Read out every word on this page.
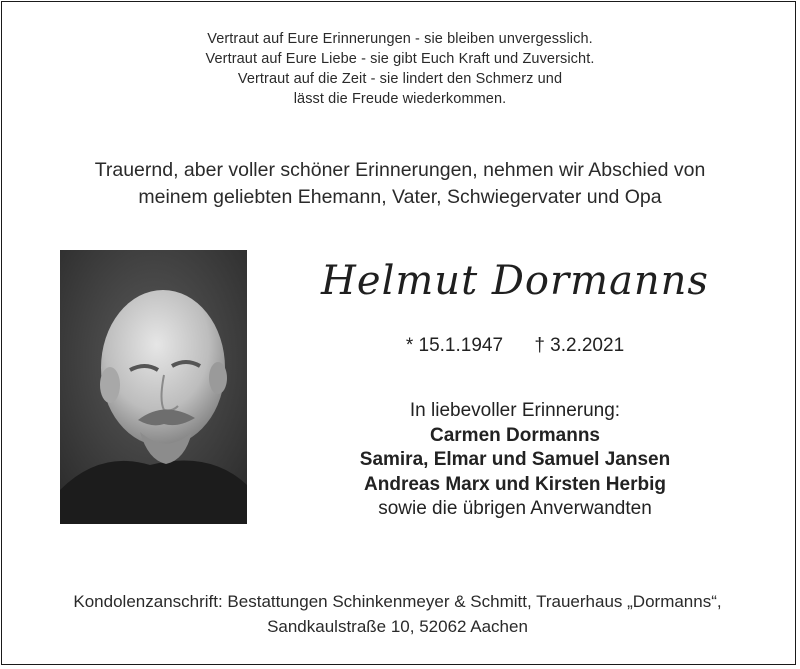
Vertraut auf Eure Erinnerungen - sie bleiben unvergesslich.
Vertraut auf Eure Liebe - sie gibt Euch Kraft und Zuversicht.
Vertraut auf die Zeit - sie lindert den Schmerz und
lässt die Freude wiederkommen.
Trauernd, aber voller schöner Erinnerungen, nehmen wir Abschied von
meinem geliebten Ehemann, Vater, Schwiegervater und Opa
Helmut Dormanns
* 15.1.1947 † 3.2.2021
In liebevoller Erinnerung:
Carmen Dormanns
Samira, Elmar und Samuel Jansen
Andreas Marx und Kirsten Herbig
sowie die übrigen Anverwandten
Kondolenzanschrift: Bestattungen Schinkenmeyer & Schmitt, Trauerhaus „Dormanns“,
Sandkaulstraße 10, 52062 Aachen
